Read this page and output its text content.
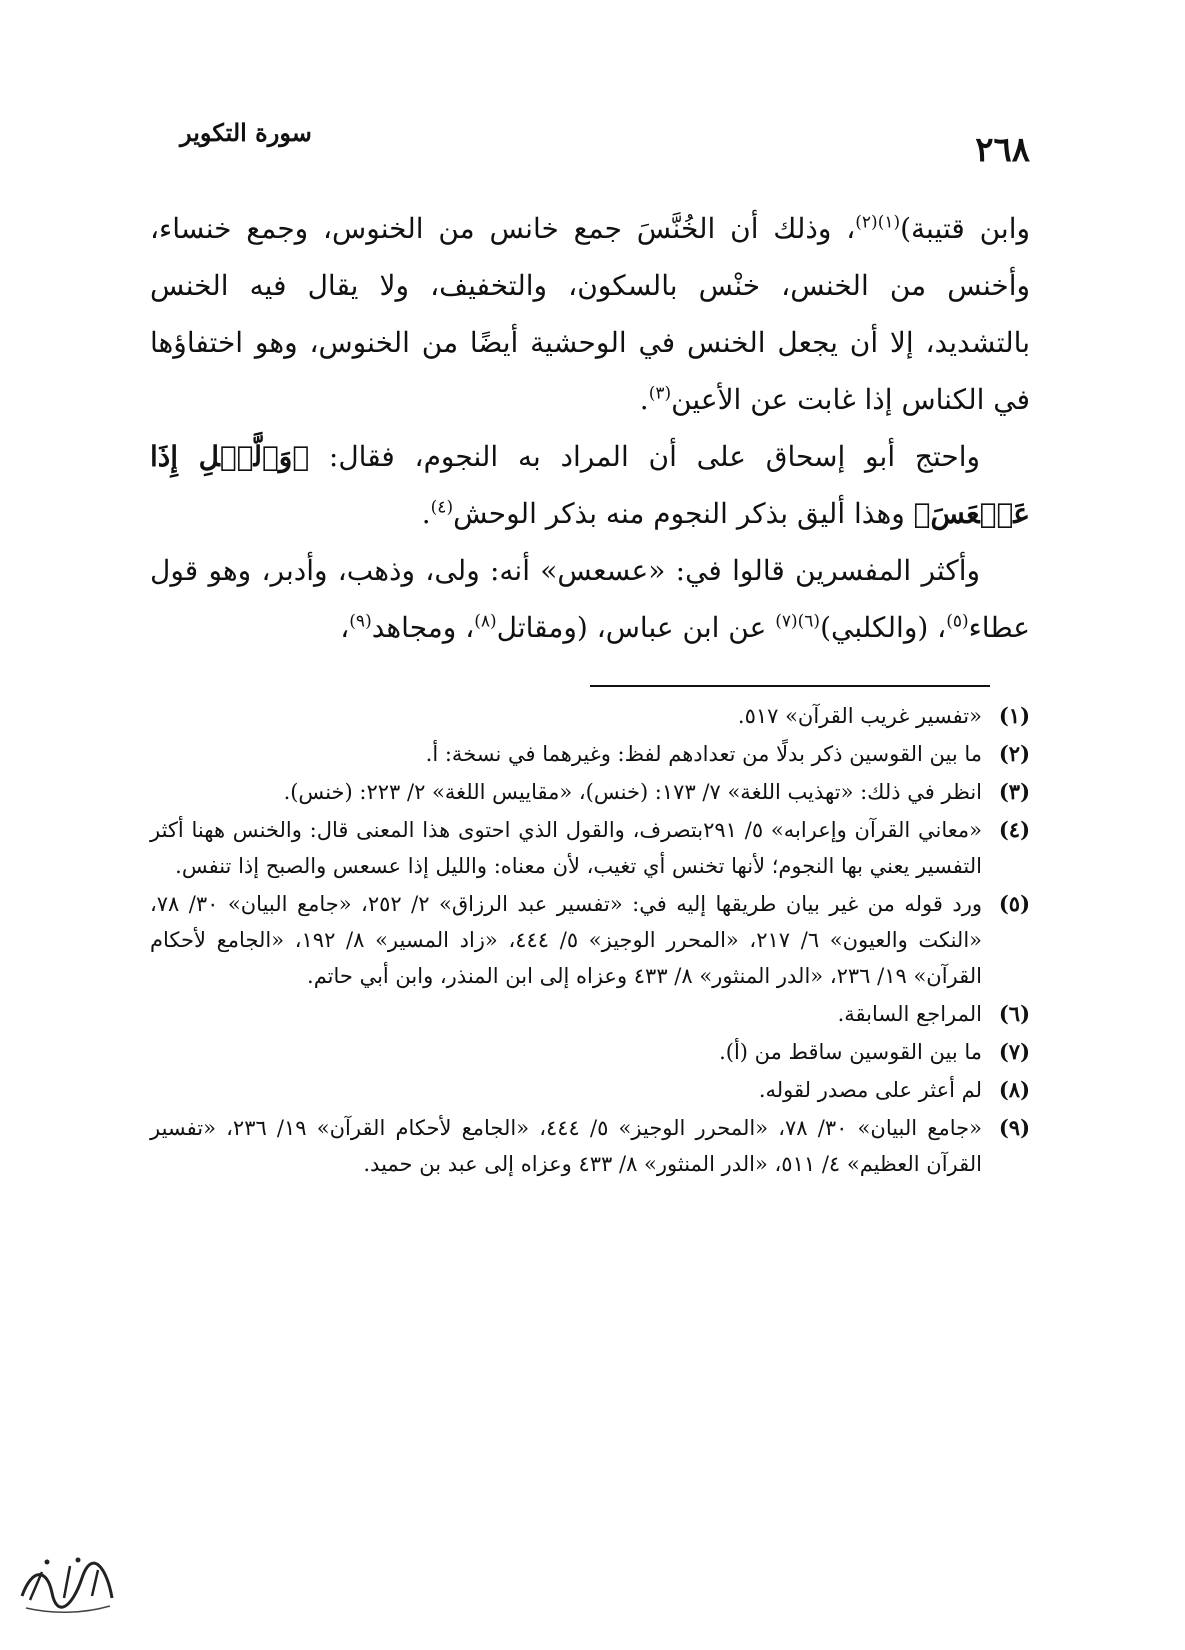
٢٦٨
سورة التكوير

وابن قتيبة)$^{(١)(٢)}$، وذلك أن الخُنَّسَ جمع خانس من الخنوس، وجمع خنساء، وأخنس من الخنس، خنْس بالسكون، والتخفيف، ولا يقال فيه الخنس بالتشديد، إلا أن يجعل الخنس في الوحشية أيضًا من الخنوس، وهو اختفاؤها في الكناس إذا غابت عن الأعين$^{(٣)}$.

واحتج أبو إسحاق على أن المراد به النجوم، فقال: ﴿وَٱلَّيۡلِ إِذَا عَسۡعَسَ﴾ وهذا أليق بذكر النجوم منه بذكر الوحش$^{(٤)}$.

وأكثر المفسرين قالوا في: «عسعس» أنه: ولى، وذهب، وأدبر، وهو قول عطاء$^{(٥)}$، (والكلبي)$^{(٦)(٧)}$ عن ابن عباس، (ومقاتل$^{(٨)}$، ومجاهد$^{(٩)}$،

(١)
«تفسير غريب القرآن» ٥١٧.
(٢)
ما بين القوسين ذكر بدلًا من تعدادهم لفظ: وغيرهما في نسخة: أ.
(٣)
انظر في ذلك: «تهذيب اللغة» ٧/ ١٧٣: (خنس)، «مقاييس اللغة» ٢/ ٢٢٣: (خنس).
(٤)
«معاني القرآن وإعرابه» ٥/ ٢٩١بتصرف، والقول الذي احتوى هذا المعنى قال: والخنس ههنا أكثر التفسير يعني بها النجوم؛ لأنها تخنس أي تغيب، لأن معناه: والليل إذا عسعس والصبح إذا تنفس.
(٥)
ورد قوله من غير بيان طريقها إليه في: «تفسير عبد الرزاق» ٢/ ٢٥٢، «جامع البيان» ٣٠/ ٧٨، «النكت والعيون» ٦/ ٢١٧، «المحرر الوجيز» ٥/ ٤٤٤، «زاد المسير» ٨/ ١٩٢، «الجامع لأحكام القرآن» ١٩/ ٢٣٦، «الدر المنثور» ٨/ ٤٣٣ وعزاه إلى ابن المنذر، وابن أبي حاتم.
(٦)
المراجع السابقة.
(٧)
ما بين القوسين ساقط من (أ).
(٨)
لم أعثر على مصدر لقوله.
(٩)
«جامع البيان» ٣٠/ ٧٨، «المحرر الوجيز» ٥/ ٤٤٤، «الجامع لأحكام القرآن» ١٩/ ٢٣٦، «تفسير القرآن العظيم» ٤/ ٥١١، «الدر المنثور» ٨/ ٤٣٣ وعزاه إلى عبد بن حميد.
